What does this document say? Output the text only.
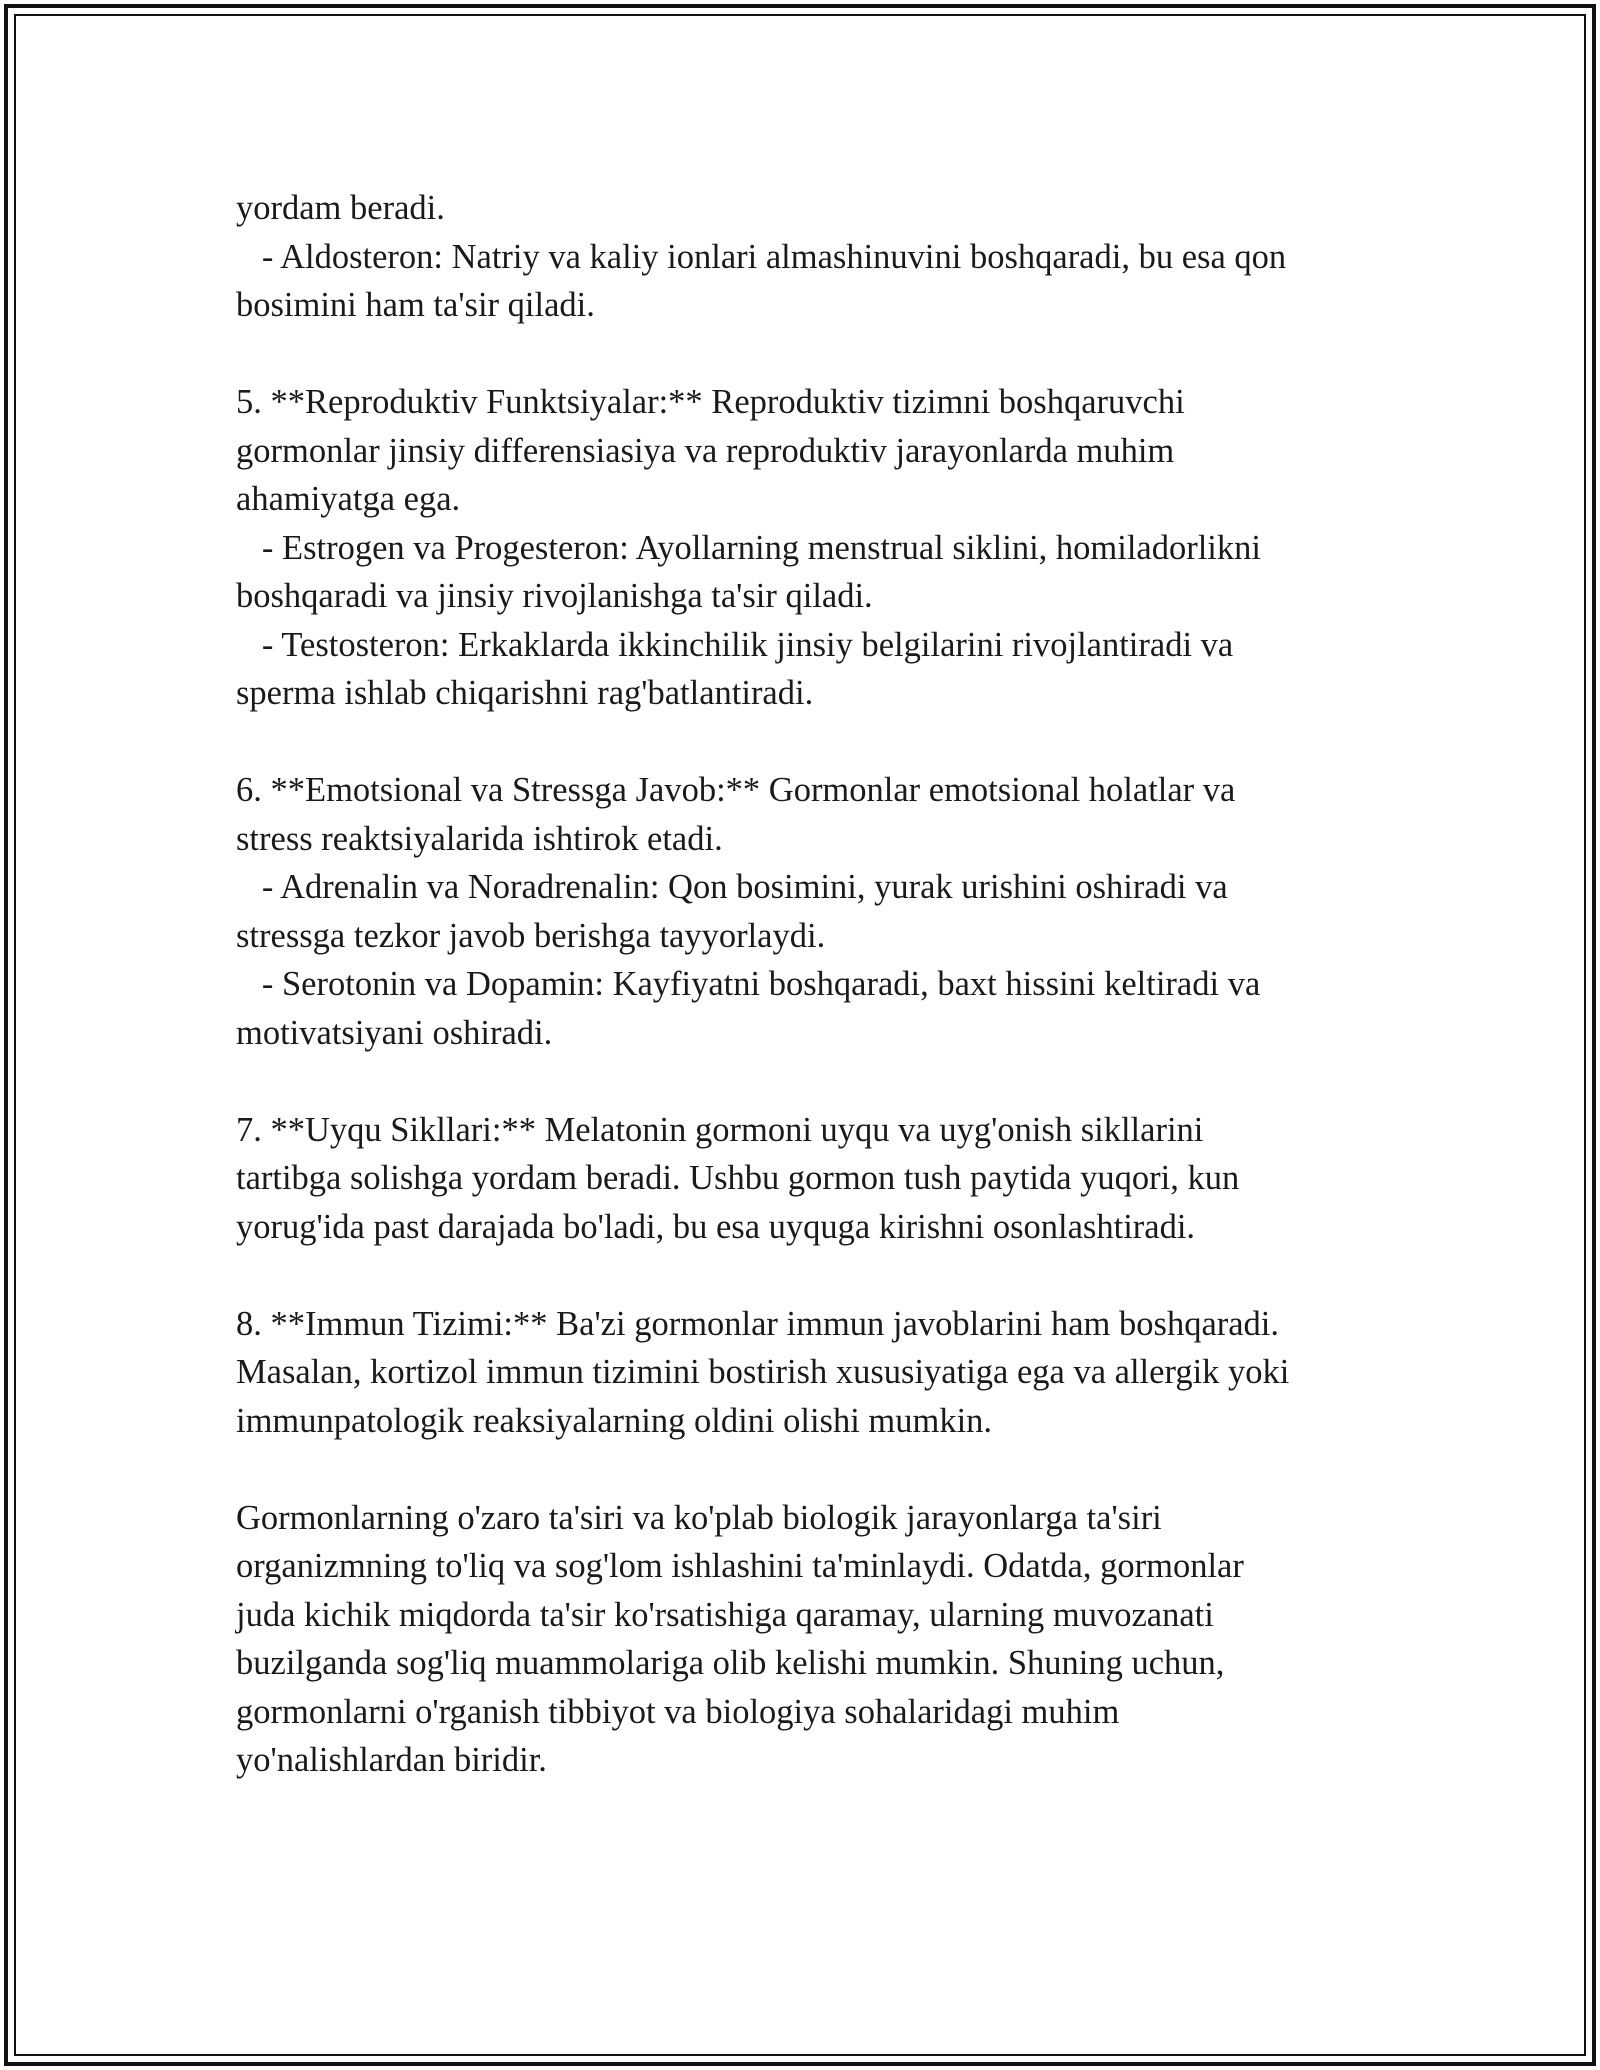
yordam beradi.
- Aldosteron: Natriy va kaliy ionlari almashinuvini boshqaradi, bu esa qon
bosimini ham ta'sir qiladi.
5. **Reproduktiv Funktsiyalar:** Reproduktiv tizimni boshqaruvchi
gormonlar jinsiy differensiasiya va reproduktiv jarayonlarda muhim
ahamiyatga ega.
- Estrogen va Progesteron: Ayollarning menstrual siklini, homiladorlikni
boshqaradi va jinsiy rivojlanishga ta'sir qiladi.
- Testosteron: Erkaklarda ikkinchilik jinsiy belgilarini rivojlantiradi va
sperma ishlab chiqarishni rag'batlantiradi.
6. **Emotsional va Stressga Javob:** Gormonlar emotsional holatlar va
stress reaktsiyalarida ishtirok etadi.
- Adrenalin va Noradrenalin: Qon bosimini, yurak urishini oshiradi va
stressga tezkor javob berishga tayyorlaydi.
- Serotonin va Dopamin: Kayfiyatni boshqaradi, baxt hissini keltiradi va
motivatsiyani oshiradi.
7. **Uyqu Sikllari:** Melatonin gormoni uyqu va uyg'onish sikllarini
tartibga solishga yordam beradi. Ushbu gormon tush paytida yuqori, kun
yorug'ida past darajada bo'ladi, bu esa uyquga kirishni osonlashtiradi.
8. **Immun Tizimi:** Ba'zi gormonlar immun javoblarini ham boshqaradi.
Masalan, kortizol immun tizimini bostirish xususiyatiga ega va allergik yoki
immunpatologik reaksiyalarning oldini olishi mumkin.
Gormonlarning o'zaro ta'siri va ko'plab biologik jarayonlarga ta'siri
organizmning to'liq va sog'lom ishlashini ta'minlaydi. Odatda, gormonlar
juda kichik miqdorda ta'sir ko'rsatishiga qaramay, ularning muvozanati
buzilganda sog'liq muammolariga olib kelishi mumkin. Shuning uchun,
gormonlarni o'rganish tibbiyot va biologiya sohalaridagi muhim
yo'nalishlardan biridir.
